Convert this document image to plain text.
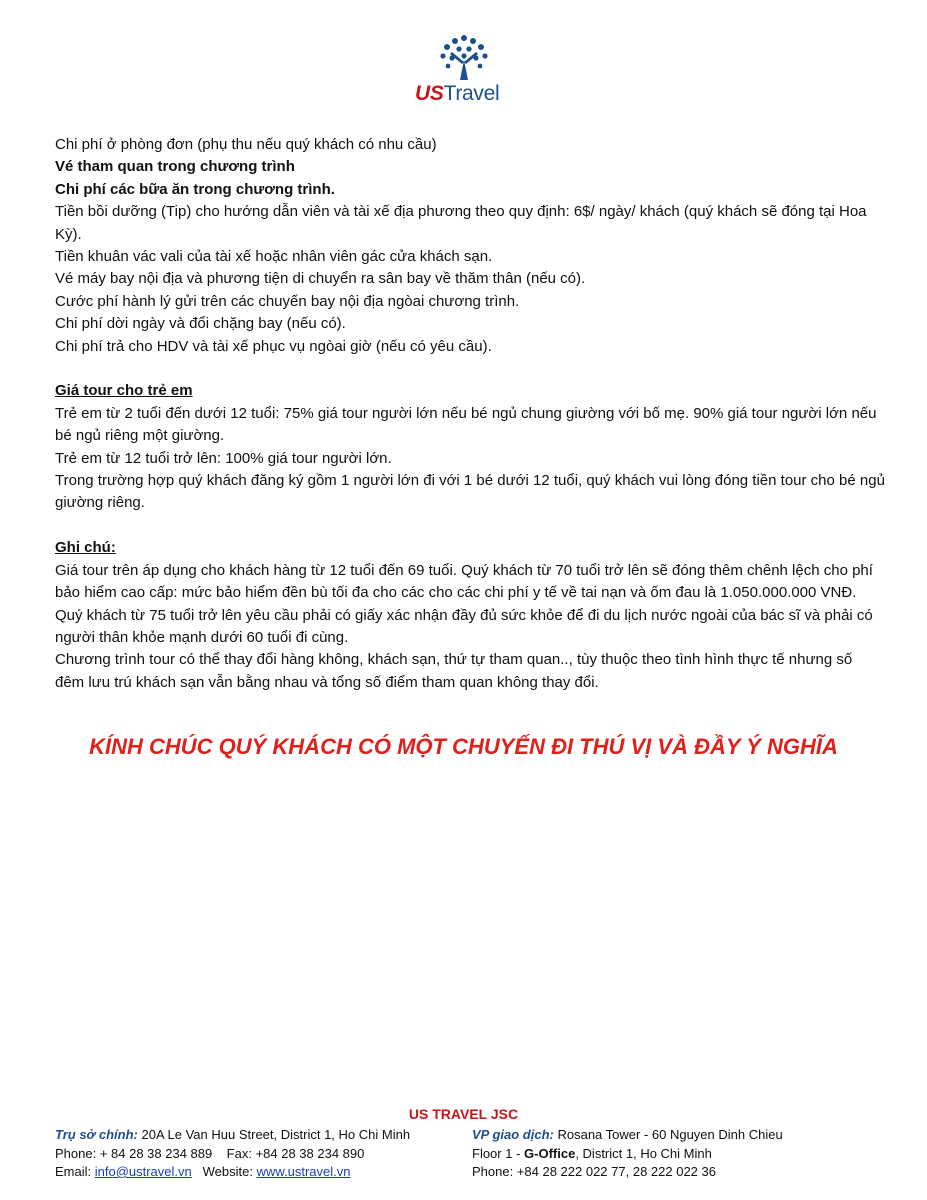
USTravel

Chi phí ở phòng đơn (phụ thu nếu quý khách có nhu cầu)

Vé tham quan trong chương trình

Chi phí các bữa ăn trong chương trình.

Tiền bồi dưỡng (Tip) cho hướng dẫn viên và tài xế địa phương theo quy định: 6$/ ngày/ khách (quý khách sẽ đóng tại Hoa Kỳ).

Tiền khuân vác vali của tài xế hoặc nhân viên gác cửa khách sạn.

Vé máy bay nội địa và phương tiện di chuyển ra sân bay về thăm thân (nếu có).

Cước phí hành lý gửi trên các chuyến bay nội địa ngòai chương trình.

Chi phí dời ngày và đổi chặng bay (nếu có).

Chi phí trả cho HDV và tài xế phục vụ ngòai giờ (nếu có yêu cầu).

Giá tour cho trẻ em

Trẻ em từ 2 tuổi đến dưới 12 tuổi: 75% giá tour người lớn nếu bé ngủ chung giường với bố mẹ. 90% giá tour người lớn nếu bé ngủ riêng một giường.

Trẻ em từ 12 tuổi trở lên: 100% giá tour người lớn.

Trong trường hợp quý khách đăng ký gồm 1 người lớn đi với 1 bé dưới 12 tuổi, quý khách vui lòng đóng tiền tour cho bé ngủ giường riêng.

Ghi chú:

Giá tour trên áp dụng cho khách hàng từ 12 tuổi đến 69 tuổi. Quý khách từ 70 tuổi trở lên sẽ đóng thêm chênh lệch cho phí bảo hiểm cao cấp: mức bảo hiểm đền bù tối đa cho các cho các chi phí y tế về tai nạn và ốm đau là 1.050.000.000 VNĐ.

Quý khách từ 75 tuổi trở lên yêu cầu phải có giấy xác nhận đầy đủ sức khỏe để đi du lịch nước ngoài của bác sĩ và phải có người thân khỏe mạnh dưới 60 tuổi đi cùng.

Chương trình tour có thể thay đổi hàng không, khách sạn, thứ tự tham quan.., tùy thuộc theo tình hình thực tế nhưng số đêm lưu trú khách sạn vẫn bằng nhau và tổng số điểm tham quan không thay đổi.

KÍNH CHÚC QUÝ KHÁCH CÓ MỘT CHUYẾN ĐI THÚ VỊ VÀ ĐẦY Ý NGHĨA
US TRAVEL JSC
Trụ sở chính: 20A Le Van Huu Street, District 1, Ho Chi Minh
Phone: + 84 28 38 234 889    Fax: +84 28 38 234 890
Email: info@ustravel.vn   Website: www.ustravel.vn
VP giao dịch: Rosana Tower - 60 Nguyen Dinh Chieu
Floor 1 - G-Office, District 1, Ho Chi Minh
Phone: +84 28 222 022 77, 28 222 022 36
